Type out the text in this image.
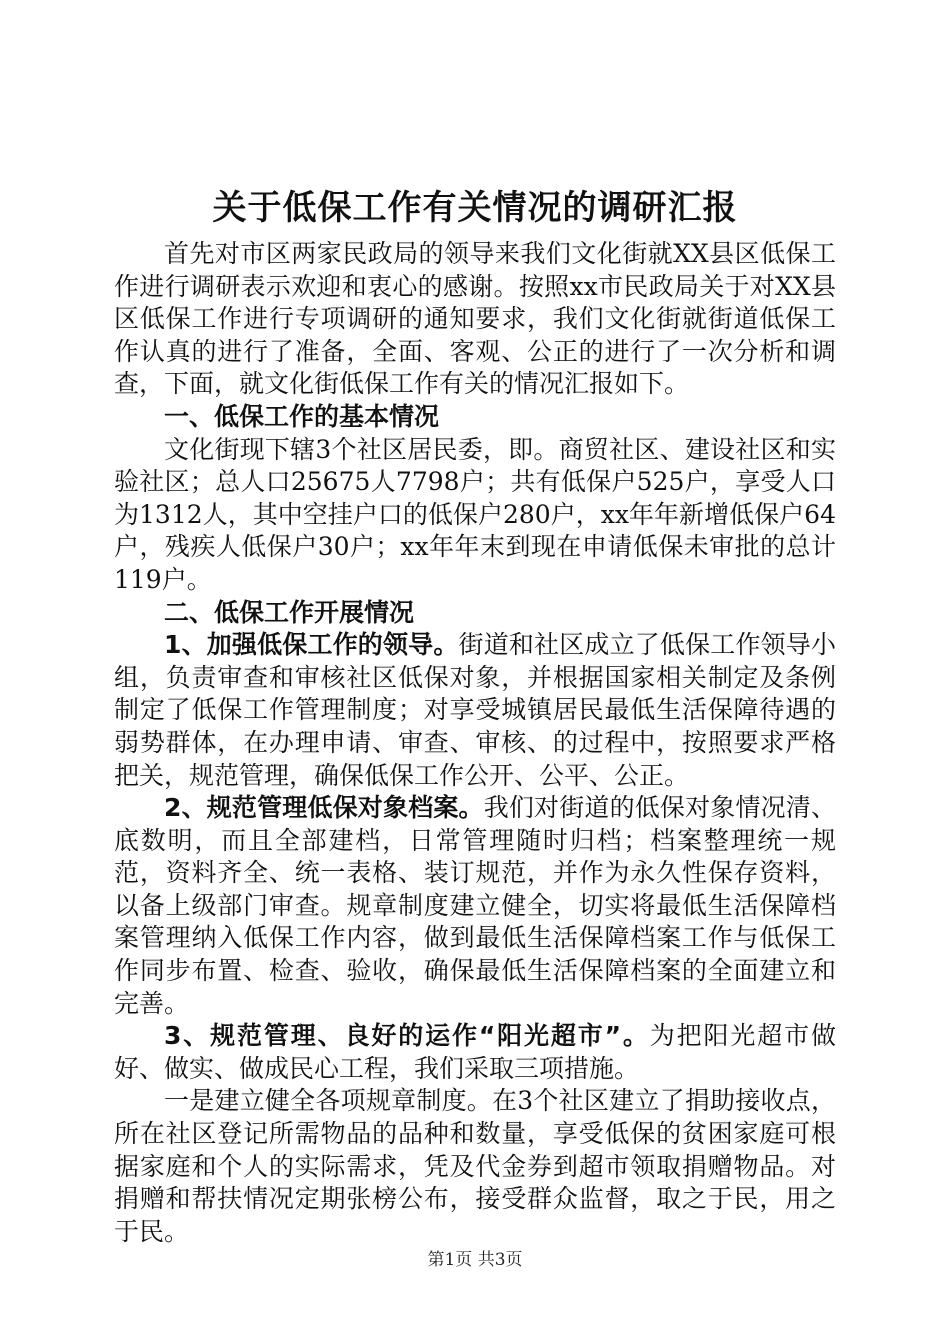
关于低保工作有关情况的调研汇报

首先对市区两家民政局的领导来我们文化街就XX县区低保工作进行调研表示欢迎和衷心的感谢。按照xx市民政局关于对XX县区低保工作进行专项调研的通知要求，我们文化街就街道低保工作认真的进行了准备，全面、客观、公正的进行了一次分析和调查，下面，就文化街低保工作有关的情况汇报如下。

一、低保工作的基本情况

文化街现下辖3个社区居民委，即。商贸社区、建设社区和实验社区；总人口25675人7798户；共有低保户525户，享受人口为1312人，其中空挂户口的低保户280户，xx年年新增低保户64户，残疾人低保户30户；xx年年末到现在申请低保未审批的总计119户。

二、低保工作开展情况

1、加强低保工作的领导。街道和社区成立了低保工作领导小组，负责审查和审核社区低保对象，并根据国家相关制定及条例制定了低保工作管理制度；对享受城镇居民最低生活保障待遇的弱势群体，在办理申请、审查、审核、的过程中，按照要求严格把关，规范管理，确保低保工作公开、公平、公正。

2、规范管理低保对象档案。我们对街道的低保对象情况清、底数明，而且全部建档，日常管理随时归档；档案整理统一规范，资料齐全、统一表格、装订规范，并作为永久性保存资料，以备上级部门审查。规章制度建立健全，切实将最低生活保障档案管理纳入低保工作内容，做到最低生活保障档案工作与低保工作同步布置、检查、验收，确保最低生活保障档案的全面建立和完善。

3、规范管理、良好的运作“阳光超市”。为把阳光超市做好、做实、做成民心工程，我们采取三项措施。

一是建立健全各项规章制度。在3个社区建立了捐助接收点，所在社区登记所需物品的品种和数量，享受低保的贫困家庭可根据家庭和个人的实际需求，凭及代金券到超市领取捐赠物品。对捐赠和帮扶情况定期张榜公布，接受群众监督，取之于民，用之于民。

第1页 共3页
